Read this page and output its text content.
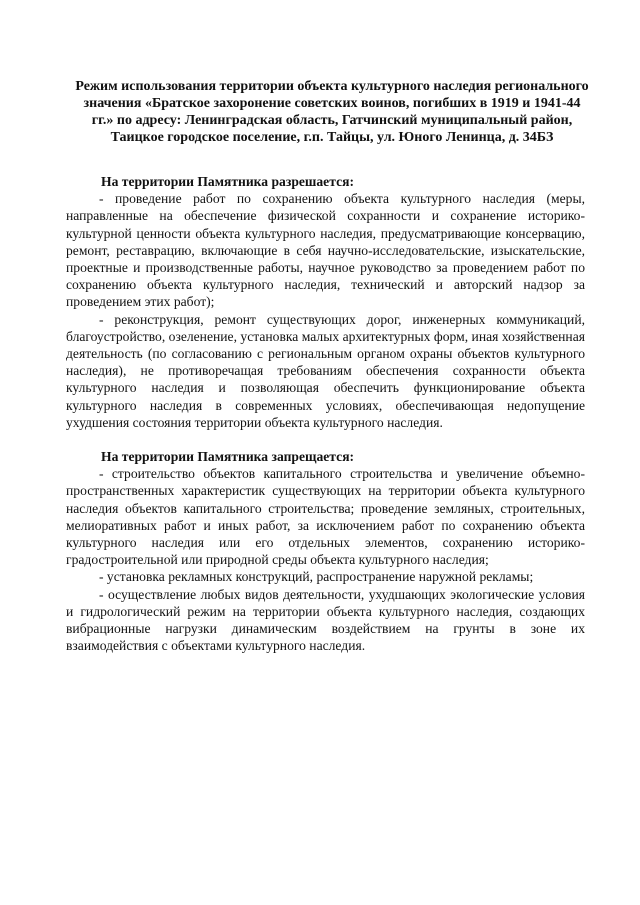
Режим использования территории объекта культурного наследия регионального значения «Братское захоронение советских воинов, погибших в 1919 и 1941-44 гг.» по адресу: Ленинградская область, Гатчинский муниципальный район, Таицкое городское поселение, г.п. Тайцы, ул. Юного Ленинца, д. 34БЗ
На территории Памятника разрешается:

- проведение работ по сохранению объекта культурного наследия (меры, направленные на обеспечение физической сохранности и сохранение историко-культурной ценности объекта культурного наследия, предусматривающие консервацию, ремонт, реставрацию, включающие в себя научно-исследовательские, изыскательские, проектные и производственные работы, научное руководство за проведением работ по сохранению объекта культурного наследия, технический и авторский надзор за проведением этих работ);

- реконструкция, ремонт существующих дорог, инженерных коммуникаций, благоустройство, озеленение, установка малых архитектурных форм, иная хозяйственная деятельность (по согласованию с региональным органом охраны объектов культурного наследия), не противоречащая требованиям обеспечения сохранности объекта культурного наследия и позволяющая обеспечить функционирование объекта культурного наследия в современных условиях, обеспечивающая недопущение ухудшения состояния территории объекта культурного наследия.

На территории Памятника запрещается:

- строительство объектов капитального строительства и увеличение объемно-пространственных характеристик существующих на территории объекта культурного наследия объектов капитального строительства; проведение земляных, строительных, мелиоративных работ и иных работ, за исключением работ по сохранению объекта культурного наследия или его отдельных элементов, сохранению историко-градостроительной или природной среды объекта культурного наследия;

- установка рекламных конструкций, распространение наружной рекламы;

- осуществление любых видов деятельности, ухудшающих экологические условия и гидрологический режим на территории объекта культурного наследия, создающих вибрационные нагрузки динамическим воздействием на грунты в зоне их взаимодействия с объектами культурного наследия.
